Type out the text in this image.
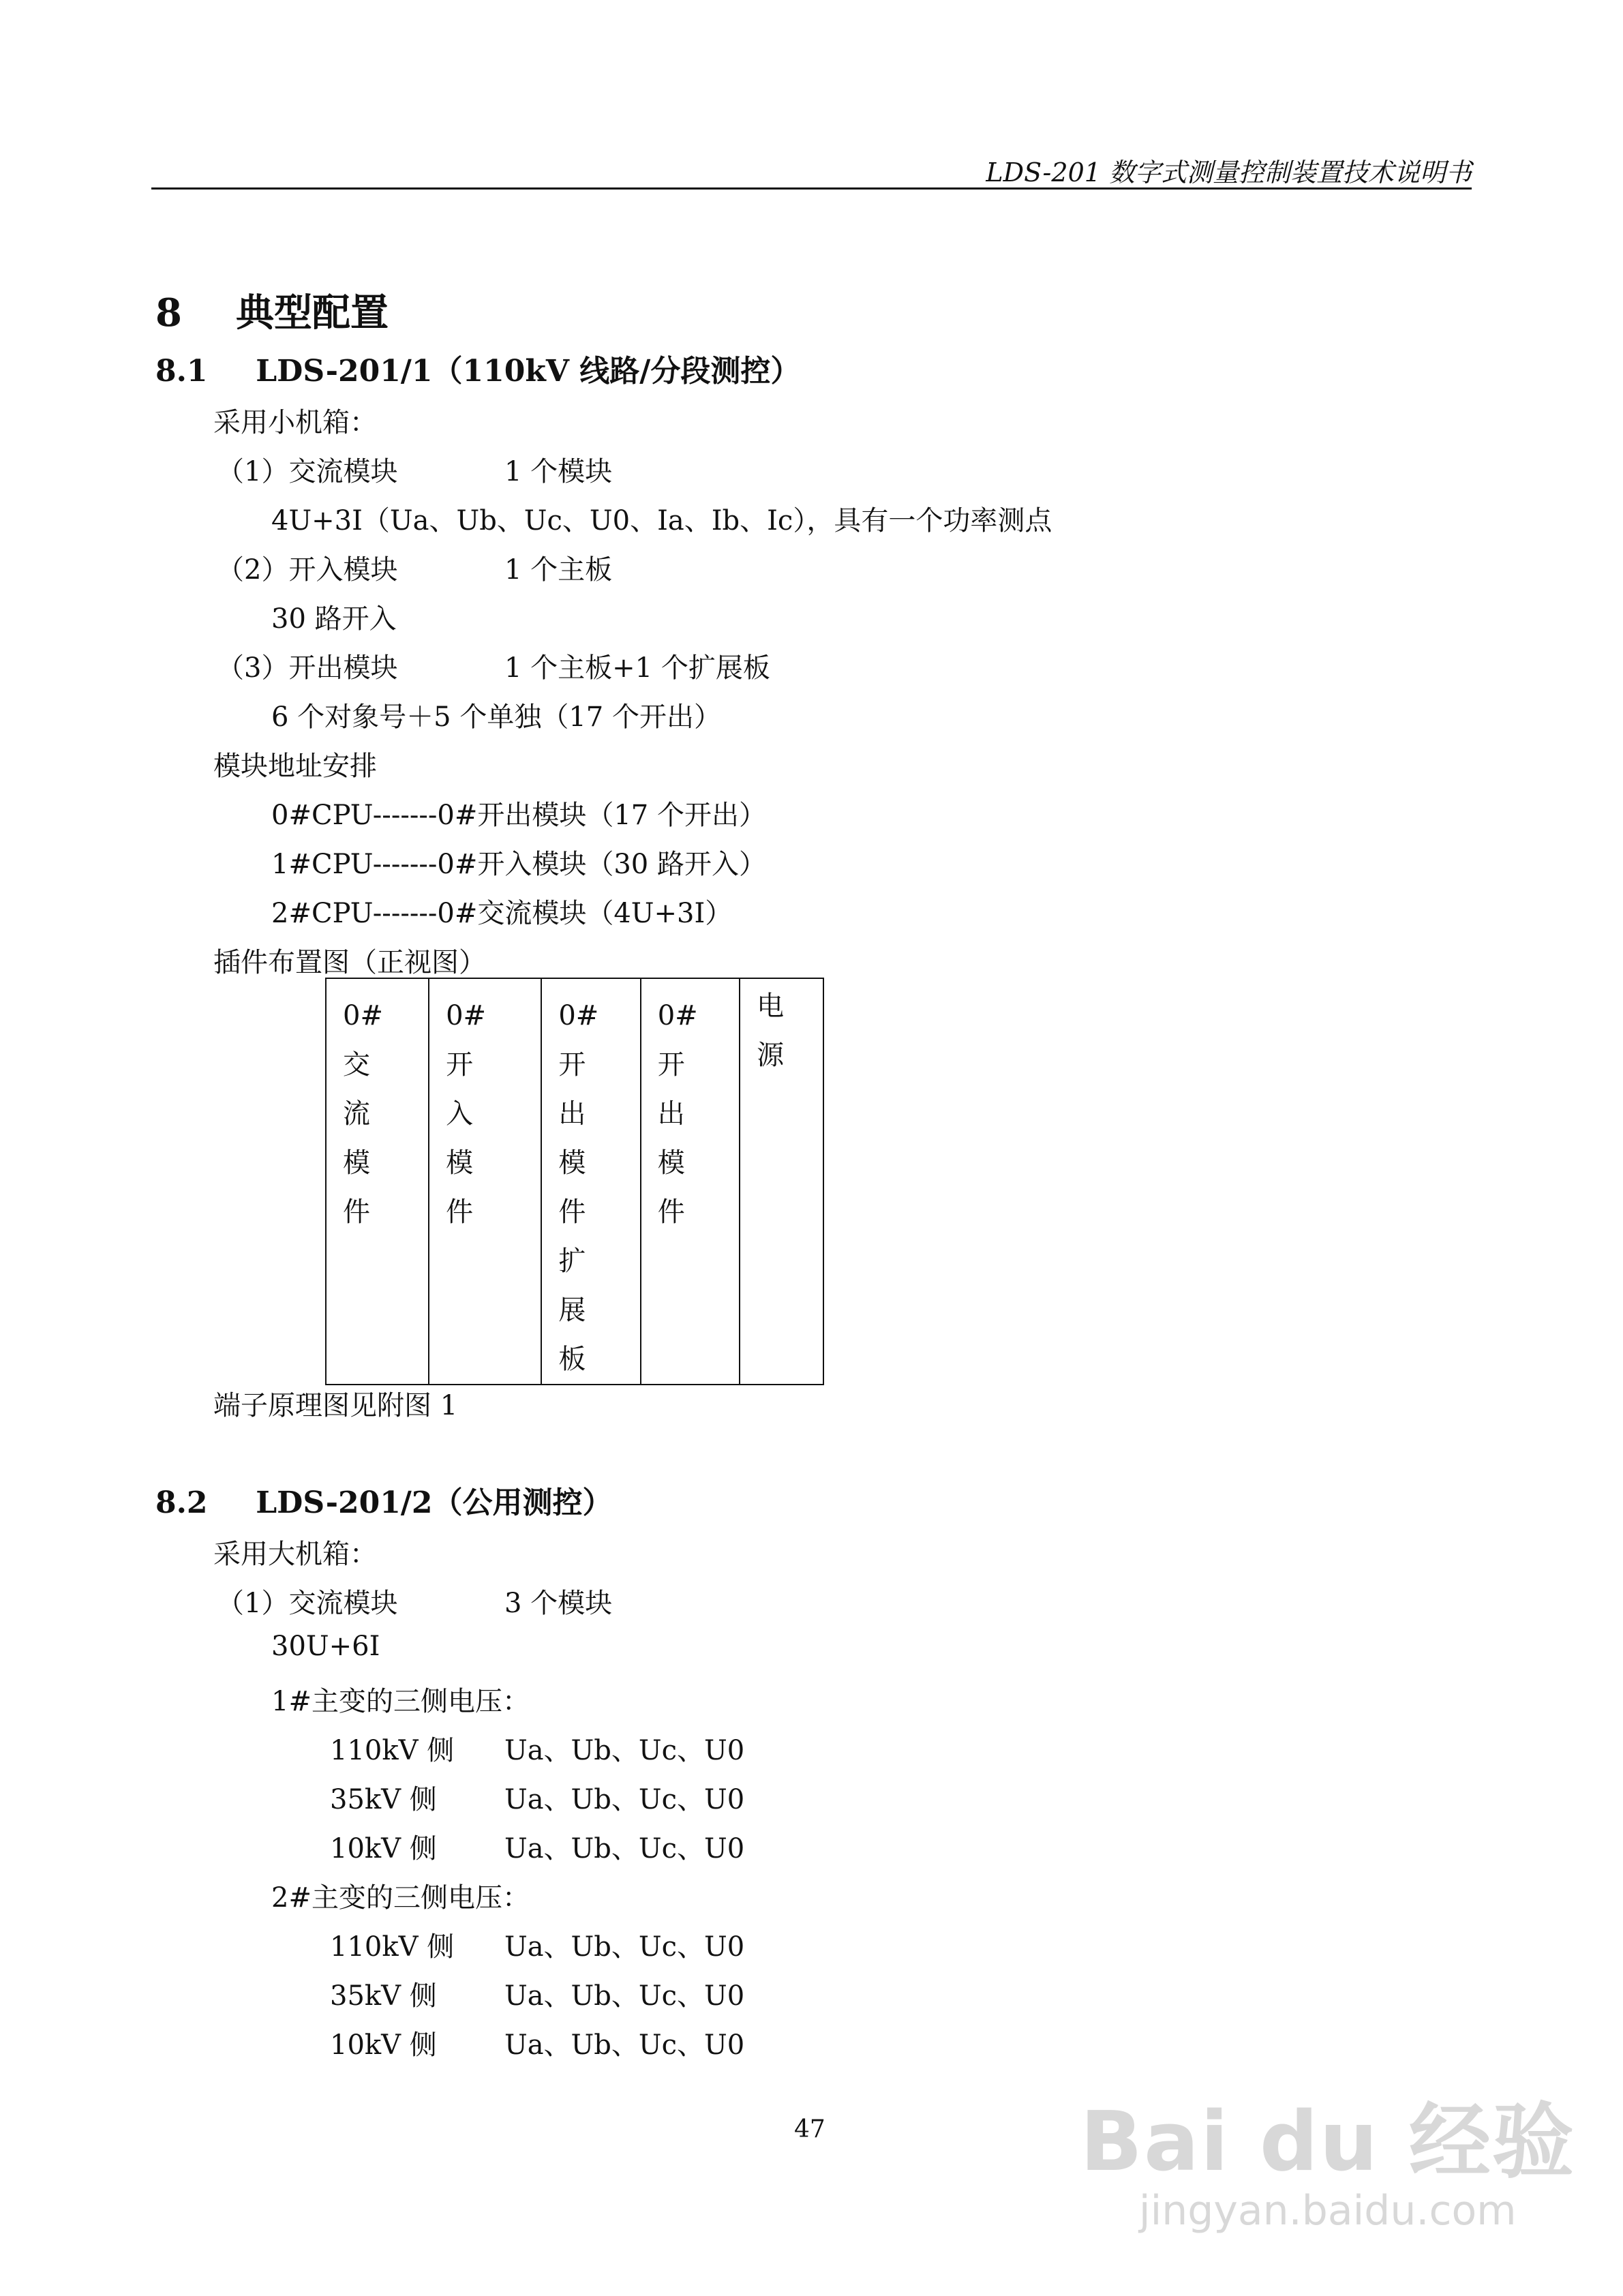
LDS-201 数字式测量控制装置技术说明书
8 典型配置
8.1 LDS-201/1（110kV 线路/分段测控）
采用小机箱：
（1）交流模块	1 个模块
4U+3I（Ua、Ub、Uc、U0、Ia、Ib、Ic），具有一个功率测点
（2）开入模块	1 个主板
30 路开入
（3）开出模块	1 个主板+1 个扩展板
6 个对象号＋5 个单独（17 个开出）
模块地址安排
0#CPU-------0#开出模块（17 个开出）
1#CPU-------0#开入模块（30 路开入）
2#CPU-------0#交流模块（4U+3I）
插件布置图（正视图）
0#
交
流
模
件

0#
开
入
模
件

0#
开
出
模
件
扩
展
板

0#
开
出
模
件

电
源
端子原理图见附图 1
8.2 LDS-201/2（公用测控）
采用大机箱：
（1）交流模块	3 个模块
30U+6I
1#主变的三侧电压：
110kV 侧 Ua、Ub、Uc、U0
35kV 侧 Ua、Ub、Uc、U0
10kV 侧 Ua、Ub、Uc、U0
2#主变的三侧电压：
110kV 侧 Ua、Ub、Uc、U0
35kV 侧 Ua、Ub、Uc、U0
10kV 侧 Ua、Ub、Uc、U0
47	Bai du 经验
jingyan.baidu.com
